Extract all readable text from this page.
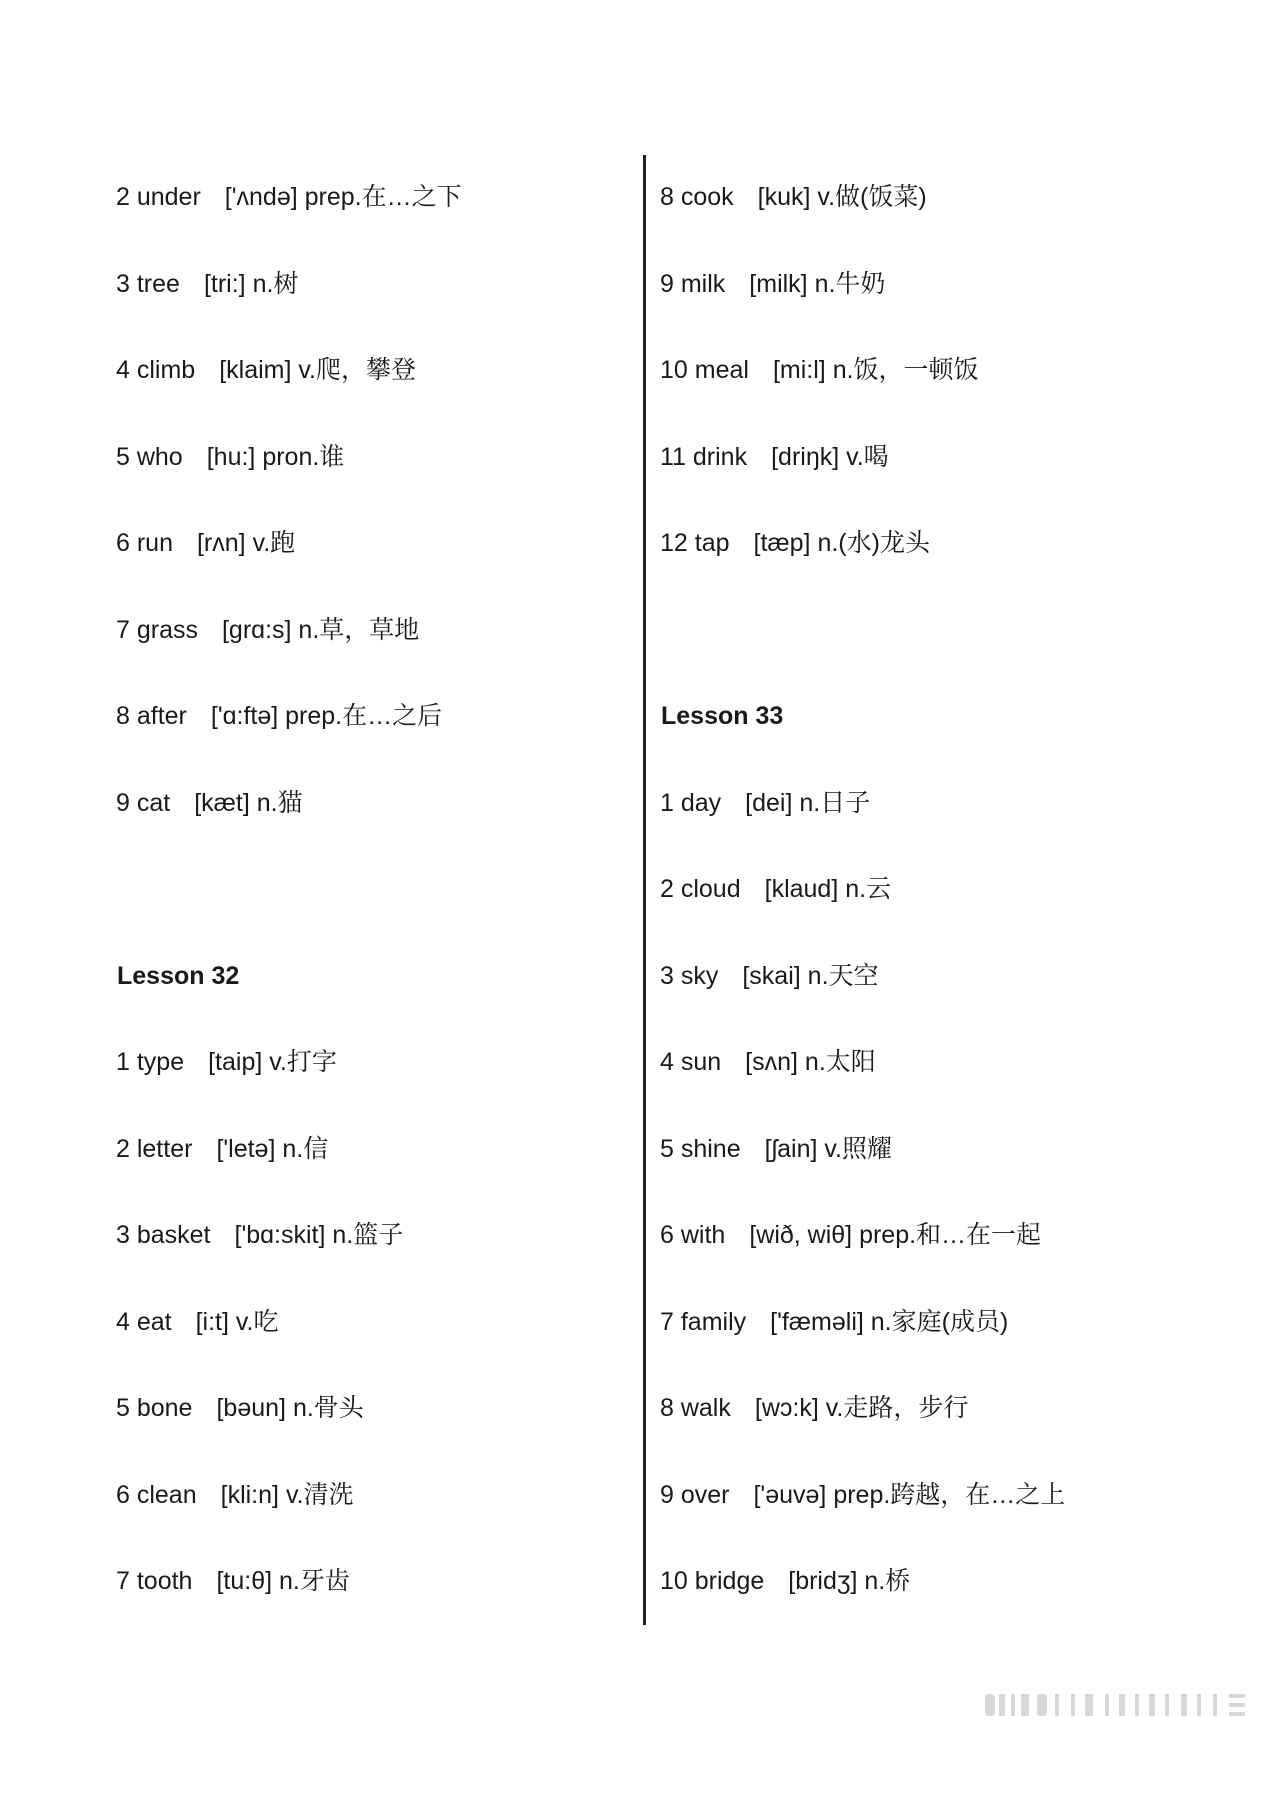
2 under ['ʌndə] prep.在…之下
3 tree [tri:] n.树
4 climb [klaim] v.爬，攀登
5 who [hu:] pron.谁
6 run [rʌn] v.跑
7 grass [grɑ:s] n.草，草地
8 after ['ɑ:ftə] prep.在…之后
9 cat [kæt] n.猫
Lesson 32
1 type [taip] v.打字
2 letter ['letə] n.信
3 basket ['bɑ:skit] n.篮子
4 eat [i:t] v.吃
5 bone [bəun] n.骨头
6 clean [kli:n] v.清洗
7 tooth [tu:θ] n.牙齿
8 cook [kuk] v.做(饭菜)
9 milk [milk] n.牛奶
10 meal [mi:l] n.饭，一顿饭
11 drink [driŋk] v.喝
12 tap [tæp] n.(水)龙头
Lesson 33
1 day [dei] n.日子
2 cloud [klaud] n.云
3 sky [skai] n.天空
4 sun [sʌn] n.太阳
5 shine [ʃain] v.照耀
6 with [wið, wiθ] prep.和…在一起
7 family ['fæməli] n.家庭(成员)
8 walk [wɔ:k] v.走路，步行
9 over ['əuvə] prep.跨越，在…之上
10 bridge [bridʒ] n.桥
